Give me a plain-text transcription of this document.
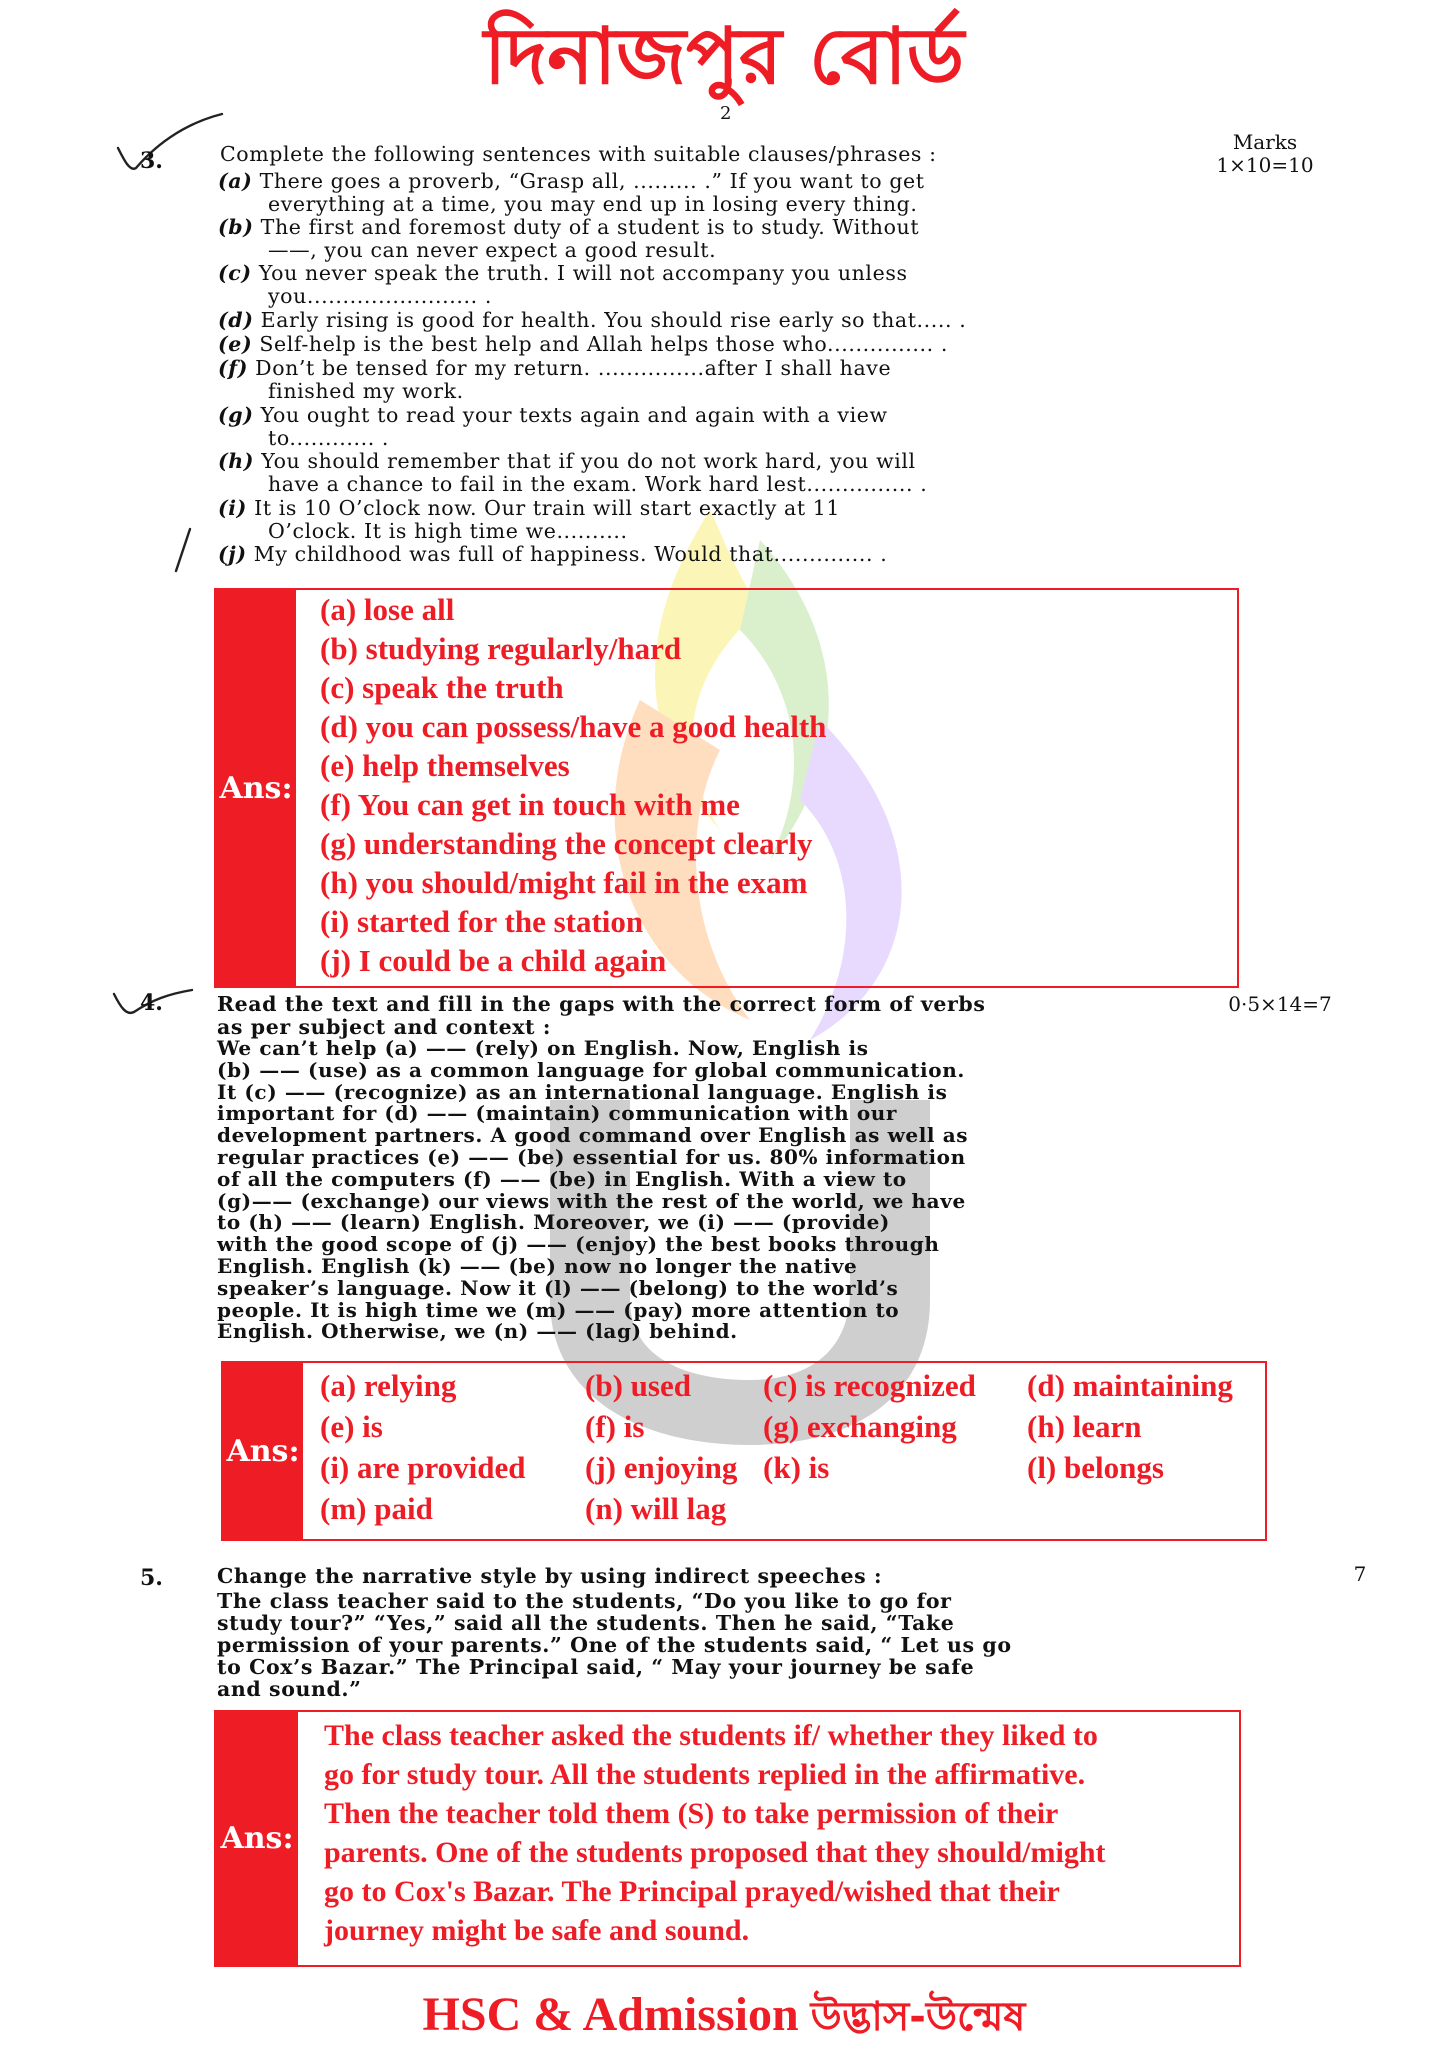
দিনাজপুর বোর্ড
2
3.	Complete the following sentences with suitable clauses/phrases :	Marks
1×10=10
(a) There goes a proverb, “Grasp all, ......... .” If you want to get
everything at a time, you may end up in losing every thing.
(b) The first and foremost duty of a student is to study. Without
——, you can never expect a good result.
(c) You never speak the truth. I will not accompany you unless
you........................ .
(d) Early rising is good for health. You should rise early so that..... .
(e) Self-help is the best help and Allah helps those who............... .
(f) Don’t be tensed for my return. ...............after I shall have
finished my work.
(g) You ought to read your texts again and again with a view
to............ .
(h) You should remember that if you do not work hard, you will
have a chance to fail in the exam. Work hard lest............... .
(i) It is 10 O’clock now. Our train will start exactly at 11
O’clock. It is high time we..........
(j) My childhood was full of happiness. Would that.............. .
Ans:
(a) lose all
(b) studying regularly/hard
(c) speak the truth
(d) you can possess/have a good health
(e) help themselves
(f) You can get in touch with me
(g) understanding the concept clearly
(h) you should/might fail in the exam
(i) started for the station
(j) I could be a child again
4.	Read the text and fill in the gaps with the correct form of verbs
as per subject and context :
0·5×14=7
We can’t help (a) —— (rely) on English. Now, English is
(b) —— (use) as a common language for global communication.
It (c) —— (recognize) as an international language. English is
important for (d) —— (maintain) communication with our
development partners. A good command over English as well as
regular practices (e) —— (be) essential for us. 80% information
of all the computers (f) —— (be) in English. With a view to
(g)—— (exchange) our views with the rest of the world, we have
to (h) —— (learn) English. Moreover, we (i) —— (provide)
with the good scope of (j) —— (enjoy) the best books through
English. English (k) —— (be) now no longer the native
speaker’s language. Now it (l) —— (belong) to the world’s
people. It is high time we (m) —— (pay) more attention to
English. Otherwise, we (n) —— (lag) behind.
Ans:
(a) relying	(b) used	(c) is recognized	(d) maintaining
(e) is	(f) is	(g) exchanging	(h) learn
(i) are provided	(j) enjoying (k) is	(l) belongs
(m) paid	(n) will lag
5.	Change the narrative style by using indirect speeches :	7
The class teacher said to the students, “Do you like to go for
study tour?” “Yes,” said all the students. Then he said, “Take
permission of your parents.” One of the students said, “ Let us go
to Cox’s Bazar.” The Principal said, “ May your journey be safe
and sound.”
Ans:
The class teacher asked the students if/ whether they liked to
go for study tour. All the students replied in the affirmative.
Then the teacher told them (S) to take permission of their
parents. One of the students proposed that they should/might
go to Cox's Bazar. The Principal prayed/wished that their
journey might be safe and sound.
HSC & Admission উদ্ভাস-উন্মেষ
